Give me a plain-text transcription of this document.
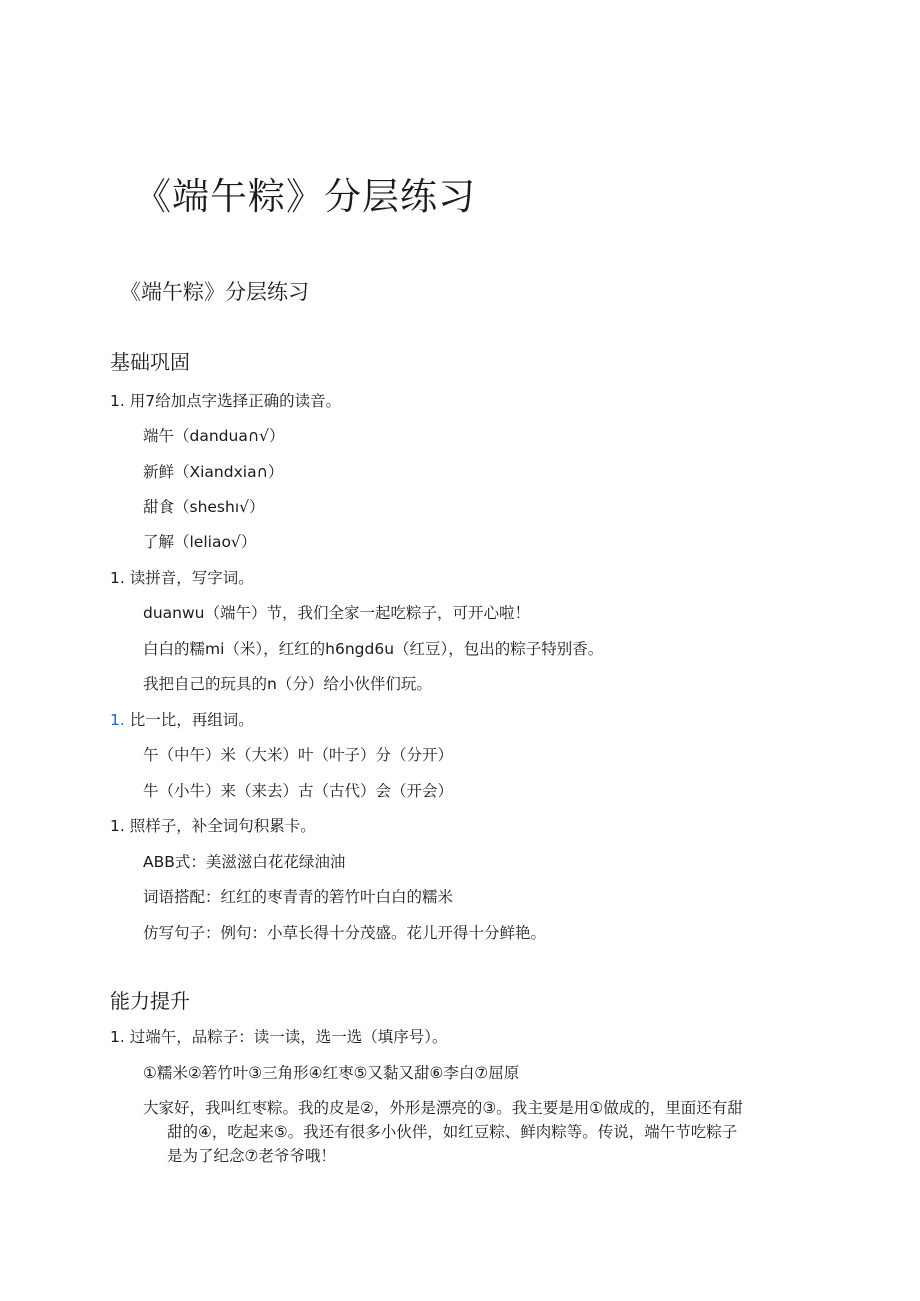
《端午粽》分层练习
《端午粽》分层练习
基础巩固
1. 用7给加点字选择正确的读音。
端午（dandua∩√）
新鲜（Xiandxia∩）
甜食（sheshı√）
了解（leliao√）
1. 读拼音，写字词。
duanwu（端午）节，我们全家一起吃粽子，可开心啦！
白白的糯mi（米），红红的h6ngd6u（红豆），包出的粽子特别香。
我把自己的玩具的n（分）给小伙伴们玩。
1. 比一比，再组词。
午（中午）米（大米）叶（叶子）分（分开）
牛（小牛）来（来去）古（古代）会（开会）
1. 照样子，补全词句积累卡。
ABB式：美滋滋白花花绿油油
词语搭配：红红的枣青青的箬竹叶白白的糯米
仿写句子：例句：小草长得十分茂盛。花儿开得十分鲜艳。
能力提升
1. 过端午，品粽子：读一读，选一选（填序号）。
①糯米②箬竹叶③三角形④红枣⑤又黏又甜⑥李白⑦屈原
大家好，我叫红枣粽。我的皮是②，外形是漂亮的③。我主要是用①做成的，里面还有甜
甜的④，吃起来⑤。我还有很多小伙伴，如红豆粽、鲜肉粽等。传说，端午节吃粽子
是为了纪念⑦老爷爷哦！
